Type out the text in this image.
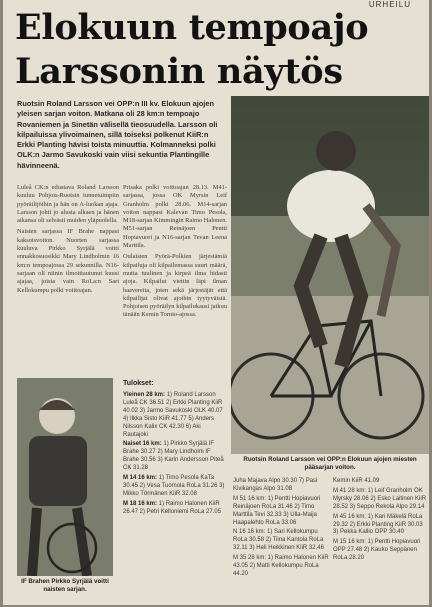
URHEILU
Elokuun tempoajo
Larssonin näytös
Ruotsin Roland Larsson vei OPP:n III kv. Elokuun ajojen yleisen sarjan voiton. Matkana oli 28 km:n tempoajo Rovaniemen ja Sinetän välisellä tieosuudella. Larsson oli kilpailuissa ylivoimainen, sillä toiseksi polkenut KiiR:n Erkki Planting hävisi toista minuuttia. Kolmanneksi polki OLK:n Jarmo Savukoski vain viisi sekuntia Plantingille hävinneenä.

Luleå CK:n edustava Roland Larsson kuuluu Pohjois-Ruotsin tunnetuimpiin pyöräilijöihin ja hän on A-luokan ajaja. Larsson johti jo alusta alkaen ja hänen aikansa oli selvästi muiden yläpuolella.

Naisten sarjassa IF Brahe nappasi kaksoisvoiton. Nuorten sarjassa kuuluva Pirkko Syrjälä voitti ennakkosuosikki Mary Lindholmin 16 km:n tempoajossa 29 sekunnilla. N16-sarjaan oli niinin ilmoittautunut kuusi ajajaa, joista vain RoLa:n Sari Kellokumpu polki voittoajan.

Prisaka polki voittoajan 28.13. M41-sarjassa, jossa OK Myrsin Leif Granholm polki 28.06. M14-sarjan voiton nappasi Kalevan Timo Pesola, M18-sarjan Kimmingin Raimo Halonen. M51-sarjan Reinäjoen Pentti Hopiavuori ja N16-sarjan Tevan Leena Marttila.

Oulaisten Pyörä-Polkien järjestämiä kilpailuja oli kilpailemassa suuri määrä, mutta tuulinen ja kirpeä ilma hidasti ajoja. Kilpailut vietiin läpi ilman haavereita, joten sekä järjestäjät että kilpailijat olivat ajoihin tyytyväisiä. Pohjoisen pyöräilyn kilpailukausi jatkuu tänään Kemin Tornio-ajossa.

Ruotsin Roland Larsson vei OPP:n Elokuun ajojen miesten pääsarjan voiton.
IF Brahen Pirkko Syrjälä voitti naisten sarjan.
Tulokset:

Yleinen 28 km: 1) Roland Larsson Luleå CK 36.51 2) Erkki Planting KiiR 40.02 3) Jarmo Savukoski OLK 40.07 4) Ilkka Sisto KiiR 41.77 5) Anders Nilsson Kalix CK 42.30 6) Aki Rautajoki

Naiset 16 km: 1) Pirkko Syrjälä IF Brahe 30.27 2) Mary Lindholm IF Brahe 30.56 3) Karin Andersson Piteå CK 31.28

M 14 16 km: 1) Timo Pesola KaTa 30.45 2) Vesa Tuomola RoLa 31.26 3) Mikko Törmänen KiiR 32.08

M 18 16 km: 1) Raimo Halonen KiiR 26.47 2) Petri Kelloniemi RoLa 27.05

Juha Majava Alpo 30.30 7) Pasi Kivikangas Alpo 31.08

M 51 16 km: 1) Pentti Hopiavuori Reinäjoen RoLa 31.46 2) Timo Marttila Tevi 32.33 3) Ulla-Maija Haapalehto RoLa 33.06

N 16 16 km: 1) Sari Kellokumpu RoLa 30.58 2) Tiina Kantola RoLa 32.11 3) Heli Heikkinen KiiR 32.46

M 35 28 km: 1) Raimo Halonen KiiR 43.05 2) Matti Kellokumpu RoLa 44.20

Kemin KiiR 41.09

M 41 28 km: 1) Leif Granholm OK Myrsky 28.06 2) Esko Laitinen KiiR 28.52 3) Seppo Rekola Alpo 29.14

M 45 16 km: 1) Kari Mäkelä RoLa 29.32 2) Erkki Planting KiiR 30.03 3) Pekka Kallio OPP 30.40

M 15 16 km: 1) Pentti Hopiavuori OPP 27.48 2) Kauko Seppänen RoLa 28.20
